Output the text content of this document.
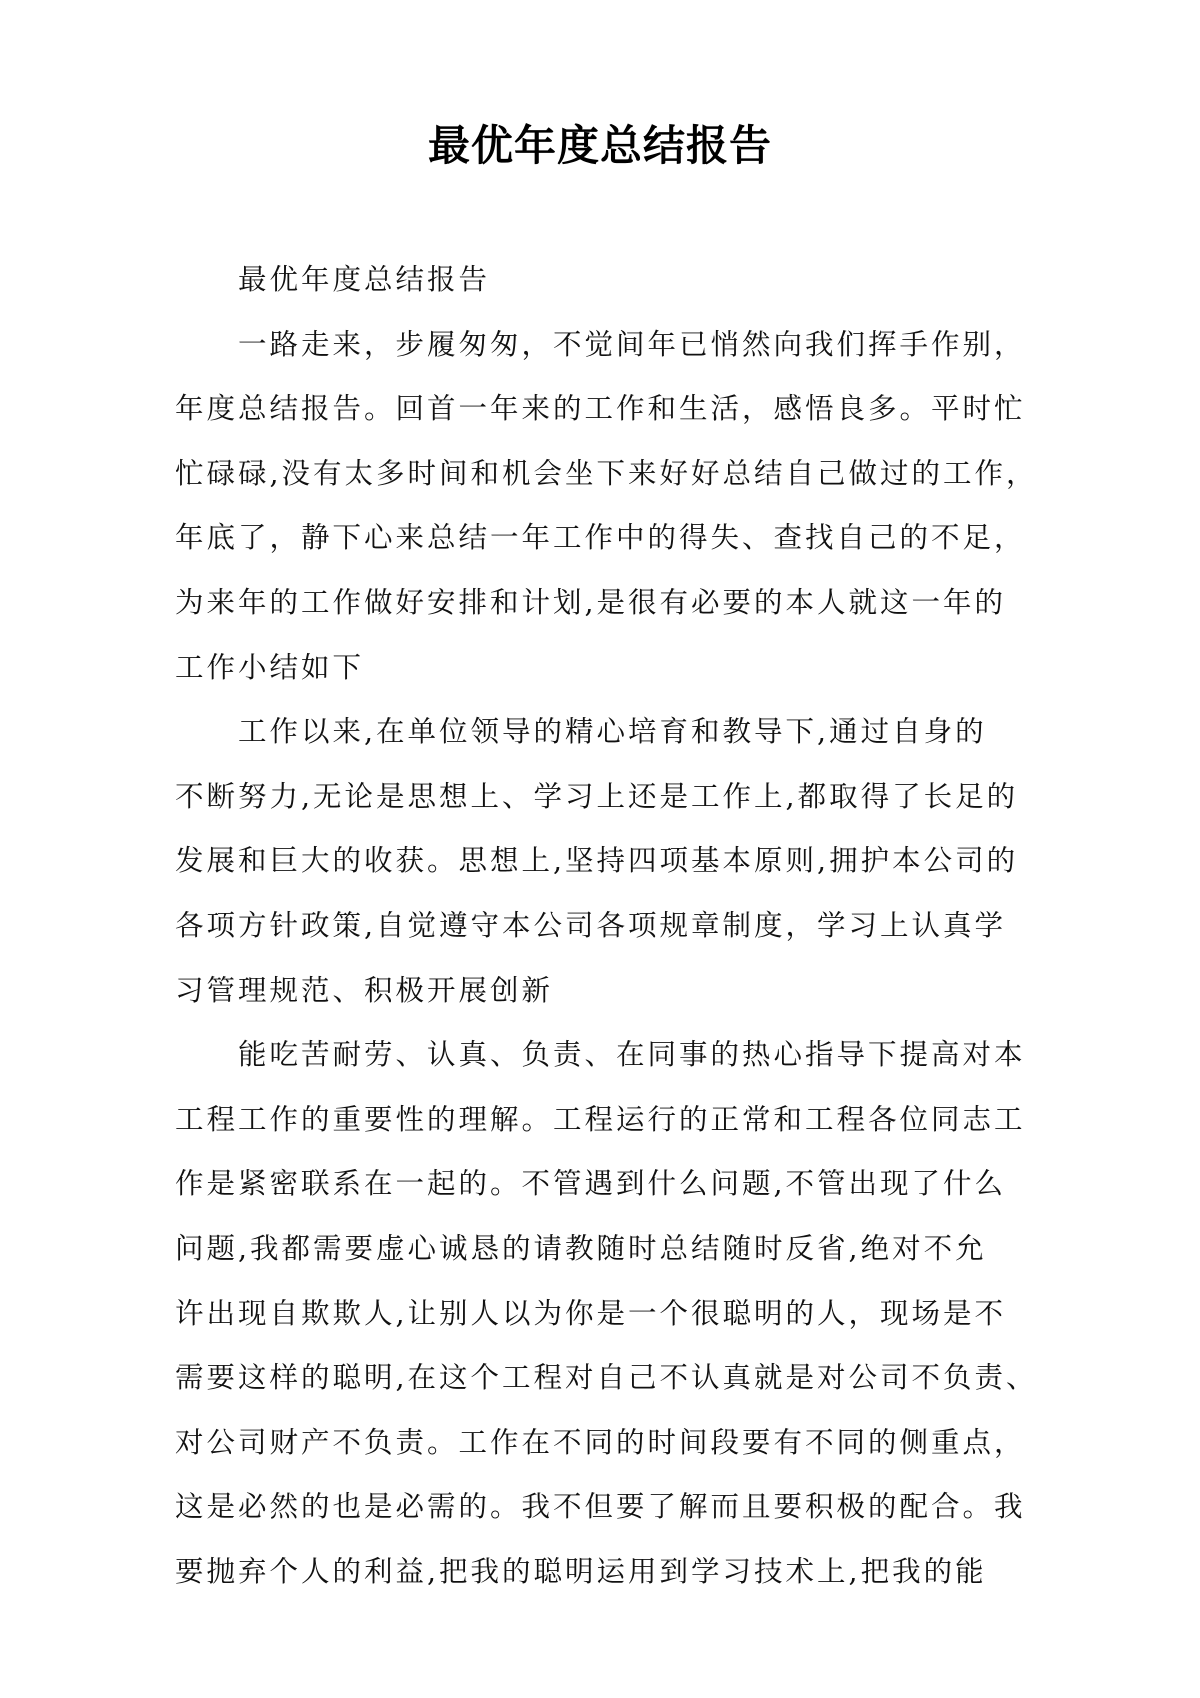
最优年度总结报告
最优年度总结报告
一路走来，步履匆匆，不觉间年已悄然向我们挥手作别，
年度总结报告。回首一年来的工作和生活，感悟良多。平时忙
忙碌碌,没有太多时间和机会坐下来好好总结自己做过的工作，
年底了，静下心来总结一年工作中的得失、查找自己的不足，
为来年的工作做好安排和计划,是很有必要的本人就这一年的
工作小结如下
工作以来,在单位领导的精心培育和教导下,通过自身的
不断努力,无论是思想上、学习上还是工作上,都取得了长足的
发展和巨大的收获。思想上,坚持四项基本原则,拥护本公司的
各项方针政策,自觉遵守本公司各项规章制度，学习上认真学
习管理规范、积极开展创新
能吃苦耐劳、认真、负责、在同事的热心指导下提高对本
工程工作的重要性的理解。工程运行的正常和工程各位同志工
作是紧密联系在一起的。不管遇到什么问题,不管出现了什么
问题,我都需要虚心诚恳的请教随时总结随时反省,绝对不允
许出现自欺欺人,让别人以为你是一个很聪明的人，现场是不
需要这样的聪明,在这个工程对自己不认真就是对公司不负责、
对公司财产不负责。工作在不同的时间段要有不同的侧重点，
这是必然的也是必需的。我不但要了解而且要积极的配合。我
要抛弃个人的利益,把我的聪明运用到学习技术上,把我的能
